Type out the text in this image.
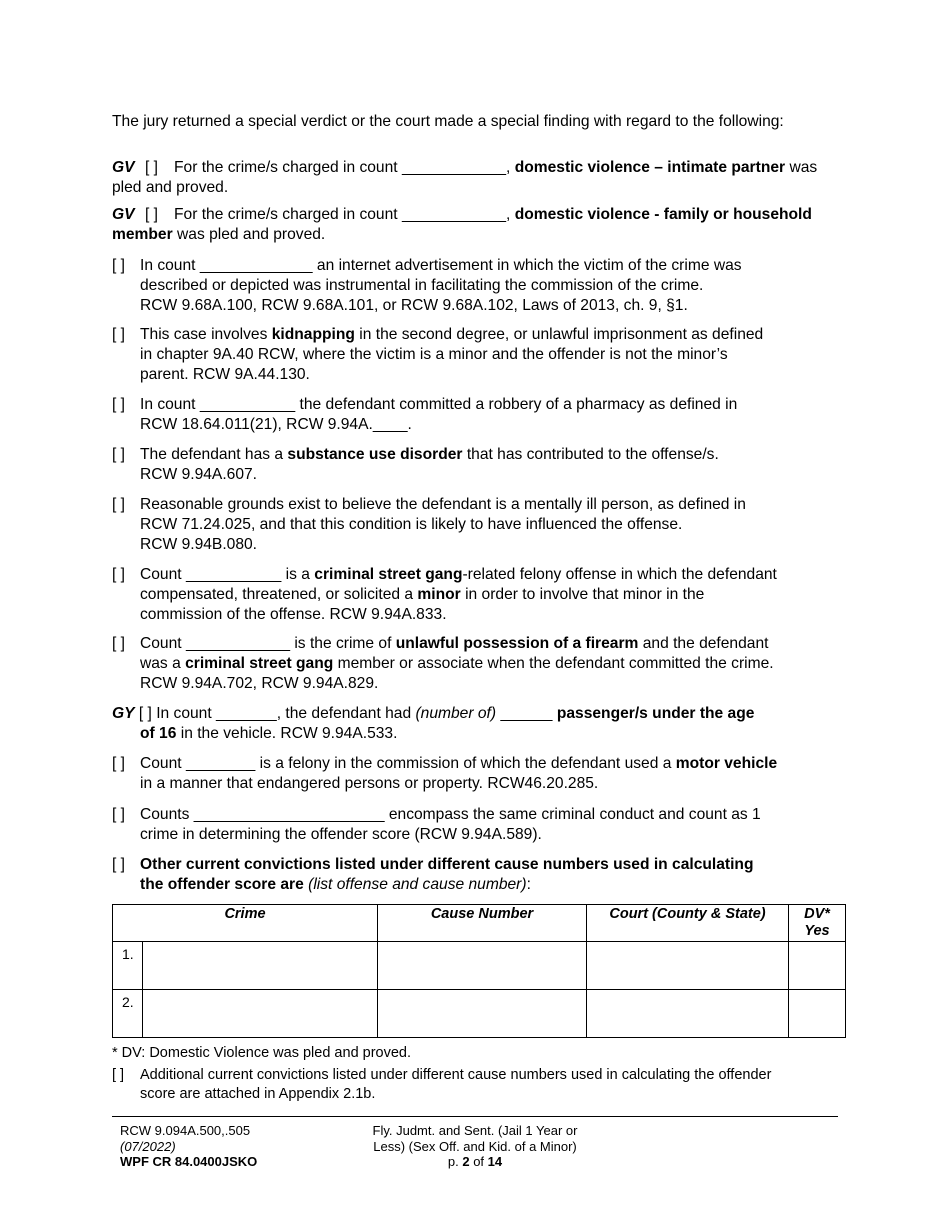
The jury returned a special verdict or the court made a special finding with regard to the following:

GV [ ] For the crime/s charged in count ____________, domestic violence – intimate partner was pled and proved.

GV [ ] For the crime/s charged in count ____________, domestic violence - family or household member was pled and proved.

[ ] In count _____________ an internet advertisement in which the victim of the crime was

described or depicted was instrumental in facilitating the commission of the crime.

RCW 9.68A.100, RCW 9.68A.101, or RCW 9.68A.102, Laws of 2013, ch. 9, §1.

[ ] This case involves kidnapping in the second degree, or unlawful imprisonment as defined

in chapter 9A.40 RCW, where the victim is a minor and the offender is not the minor’s

parent. RCW 9A.44.130.

[ ] In count ___________ the defendant committed a robbery of a pharmacy as defined in

RCW 18.64.011(21), RCW 9.94A.____.

[ ] The defendant has a substance use disorder that has contributed to the offense/s.

RCW 9.94A.607.

[ ] Reasonable grounds exist to believe the defendant is a mentally ill person, as defined in

RCW 71.24.025, and that this condition is likely to have influenced the offense.

RCW 9.94B.080.

[ ] Count ___________ is a criminal street gang-related felony offense in which the defendant

compensated, threatened, or solicited a minor in order to involve that minor in the

commission of the offense. RCW 9.94A.833.

[ ] Count ____________ is the crime of unlawful possession of a firearm and the defendant

was a criminal street gang member or associate when the defendant committed the crime.

RCW 9.94A.702, RCW 9.94A.829.

GY [ ] In count _______, the defendant had (number of) ______ passenger/s under the age

of 16 in the vehicle. RCW 9.94A.533.

[ ] Count ________ is a felony in the commission of which the defendant used a motor vehicle

in a manner that endangered persons or property. RCW46.20.285.

[ ] Counts ______________________ encompass the same criminal conduct and count as 1

crime in determining the offender score (RCW 9.94A.589).

[ ] Other current convictions listed under different cause numbers used in calculating

the offender score are (list offense and cause number):

Crime		Cause Number	Court (County & State)	DV* Yes
1.				
2.				
* DV: Domestic Violence was pled and proved.

[ ] Additional current convictions listed under different cause numbers used in calculating the offender

score are attached in Appendix 2.1b.

RCW 9.094A.500,.505
(07/2022)
WPF CR 84.0400JSKO
Fly. Judmt. and Sent. (Jail 1 Year or
Less) (Sex Off. and Kid. of a Minor)
p. 2 of 14
